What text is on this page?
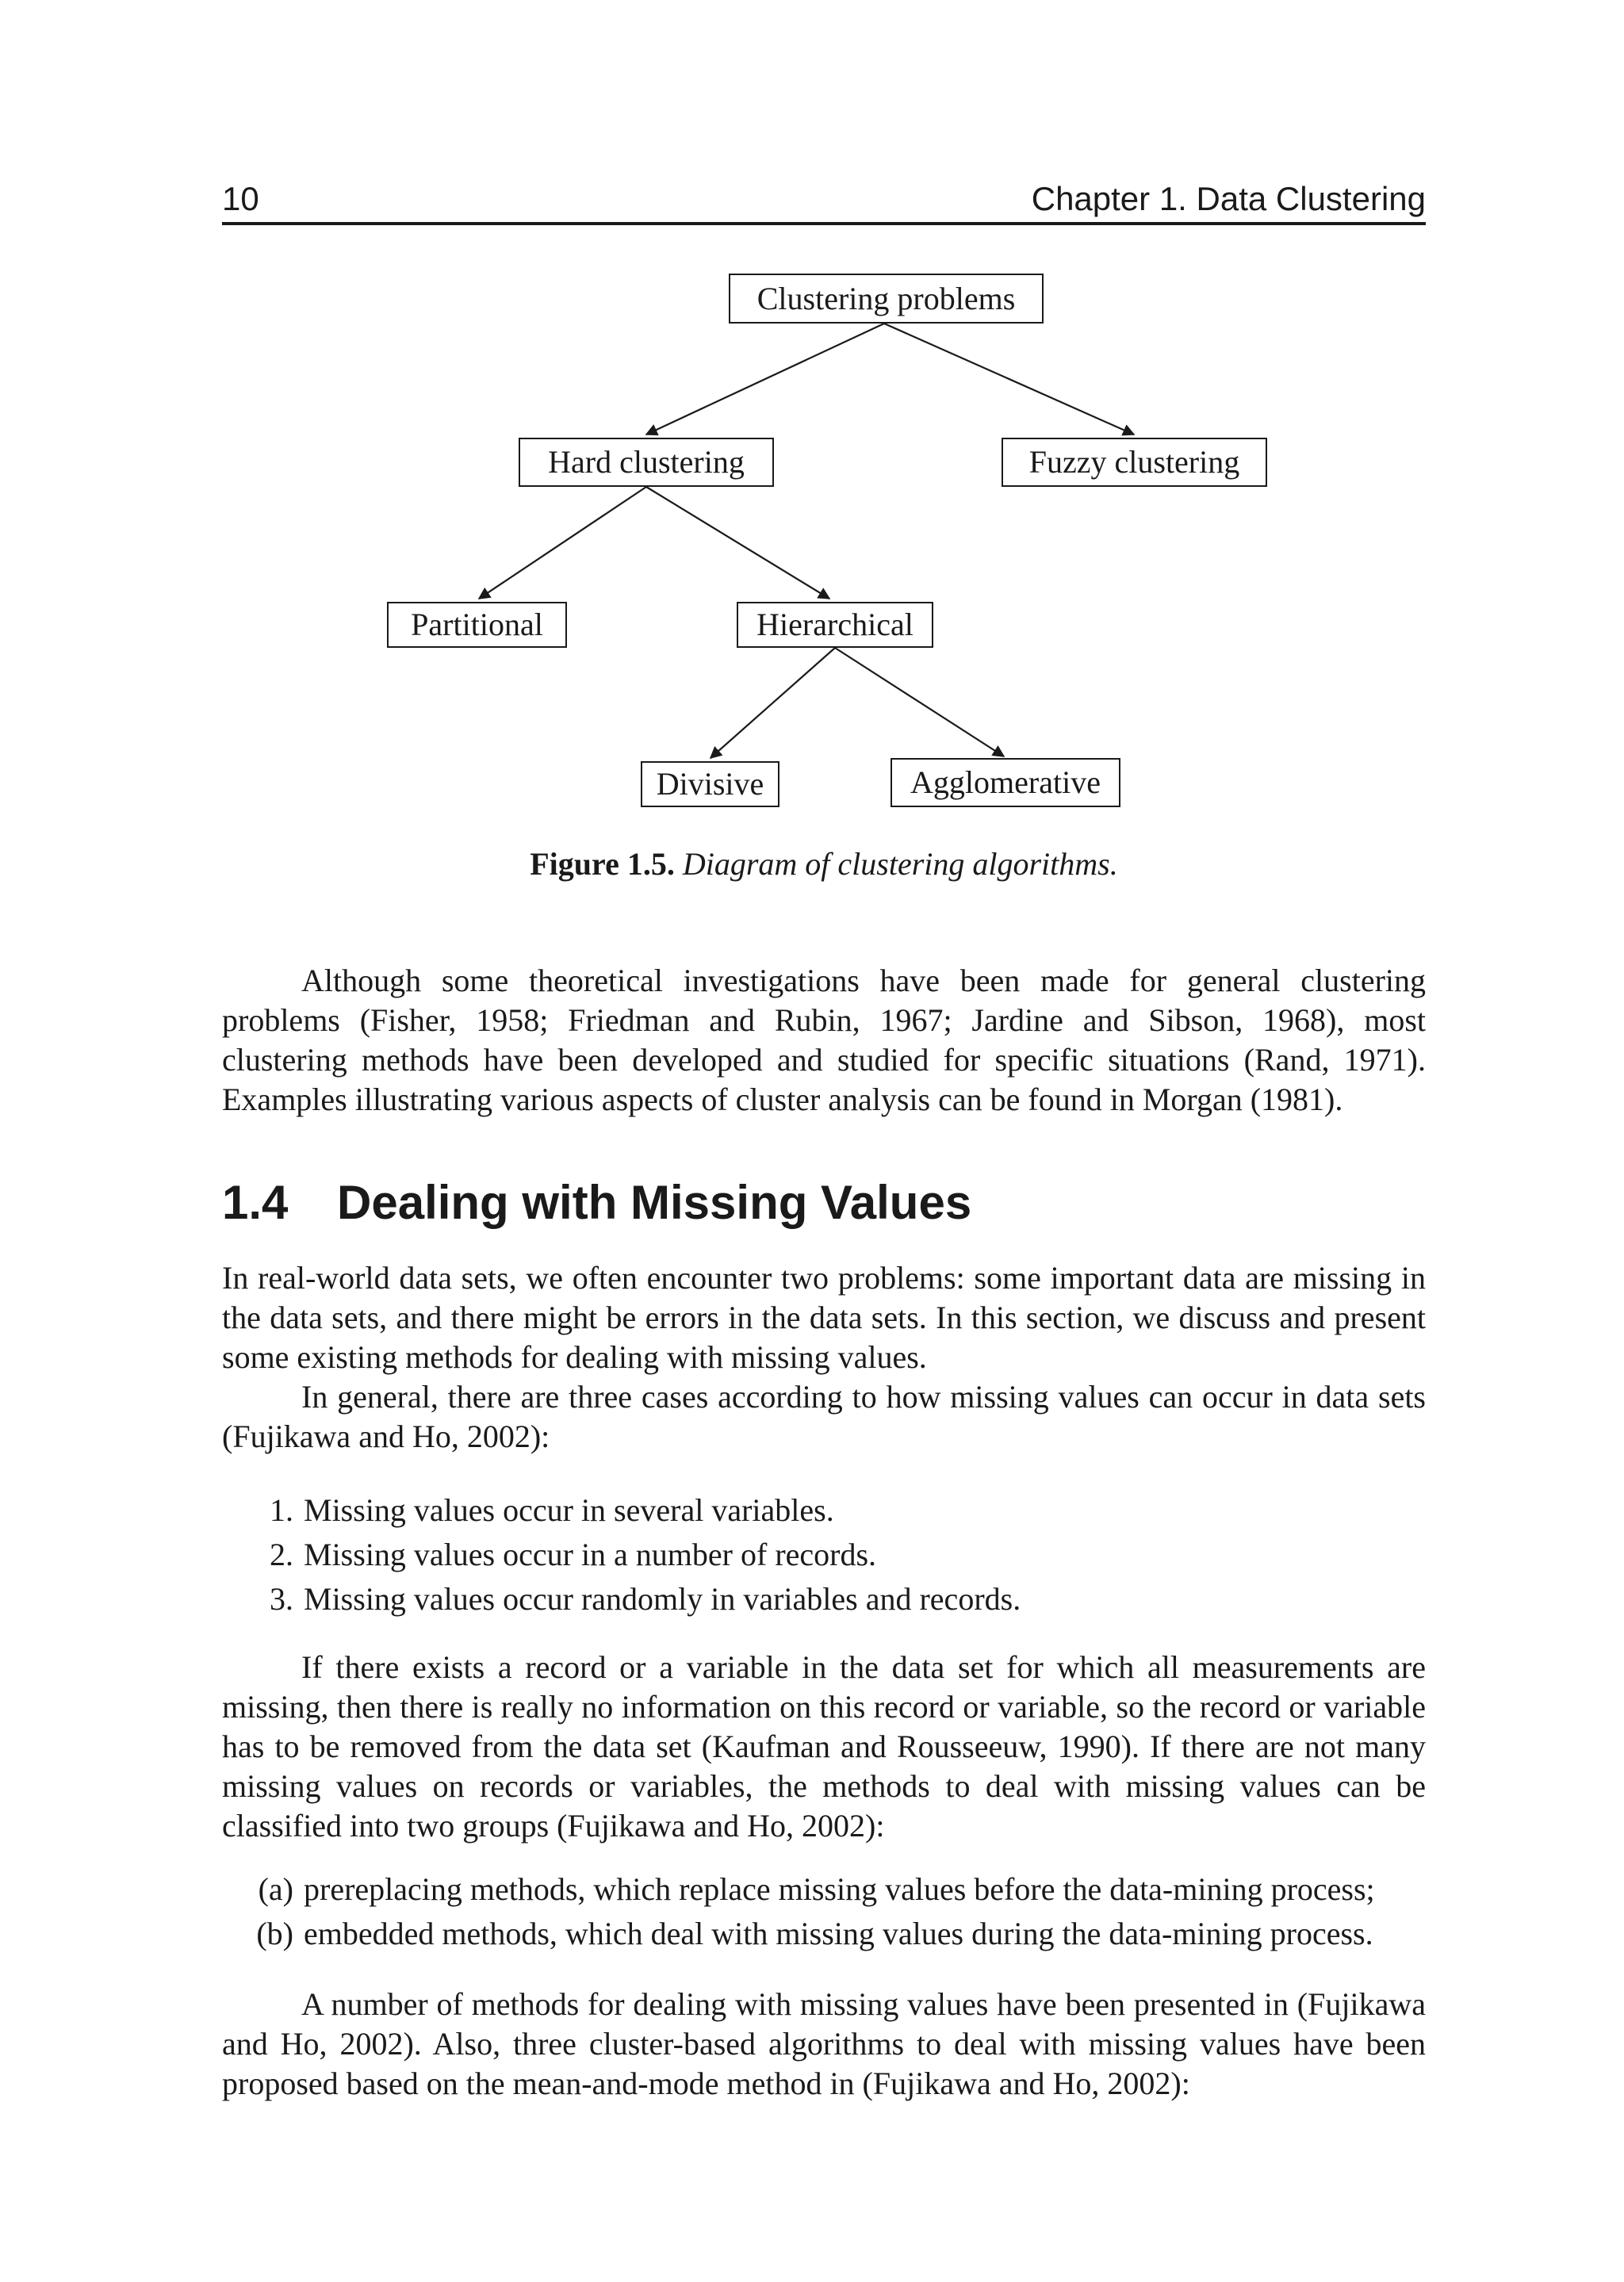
10	Chapter 1. Data Clustering
Clustering problems
Hard clustering	Fuzzy clustering
Partitional	Hierarchical
Divisive	Agglomerative
Figure 1.5. Diagram of clustering algorithms.

Although some theoretical investigations have been made for general clustering problems (Fisher, 1958; Friedman and Rubin, 1967; Jardine and Sibson, 1968), most clustering methods have been developed and studied for specific situations (Rand, 1971). Examples illustrating various aspects of cluster analysis can be found in Morgan (1981).

1.4 Dealing with Missing Values

In real-world data sets, we often encounter two problems: some important data are missing in the data sets, and there might be errors in the data sets. In this section, we discuss and present some existing methods for dealing with missing values.

In general, there are three cases according to how missing values can occur in data sets (Fujikawa and Ho, 2002):

1. Missing values occur in several variables.
2. Missing values occur in a number of records.
3. Missing values occur randomly in variables and records.

If there exists a record or a variable in the data set for which all measurements are missing, then there is really no information on this record or variable, so the record or variable has to be removed from the data set (Kaufman and Rousseeuw, 1990). If there are not many missing values on records or variables, the methods to deal with missing values can be classified into two groups (Fujikawa and Ho, 2002):

(a) prereplacing methods, which replace missing values before the data-mining process;
(b) embedded methods, which deal with missing values during the data-mining process.

A number of methods for dealing with missing values have been presented in (Fujikawa and Ho, 2002). Also, three cluster-based algorithms to deal with missing values have been proposed based on the mean-and-mode method in (Fujikawa and Ho, 2002):
